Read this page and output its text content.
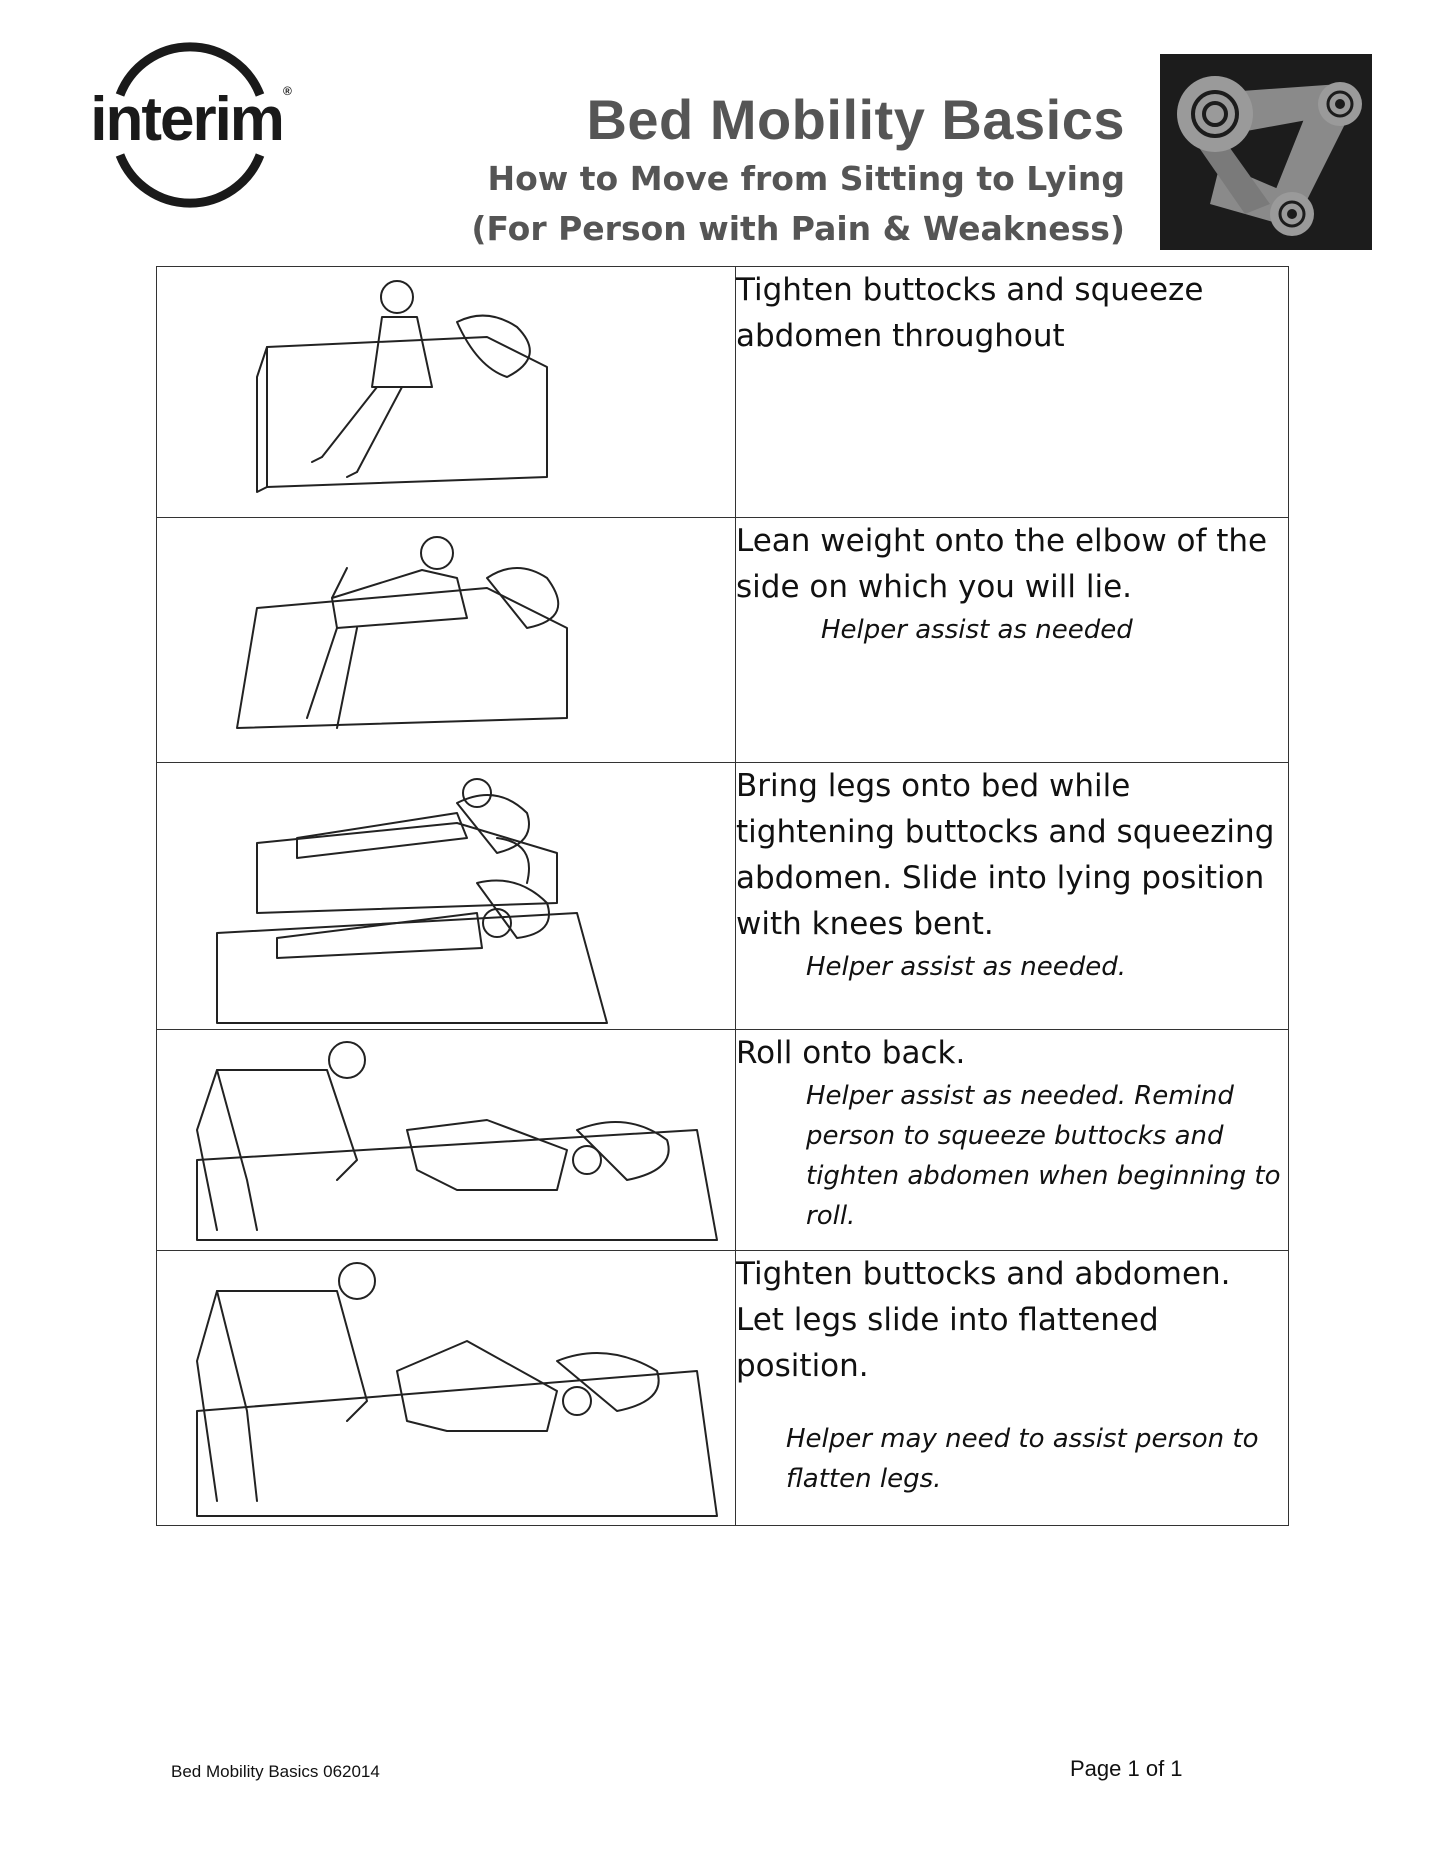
interim®	Bed Mobility Basics
How to Move from Sitting to Lying
(For Person with Pain & Weakness)

Tighten buttocks and squeeze abdomen throughout

Lean weight onto the elbow of the side on which you will lie.
Helper assist as needed

Bring legs onto bed while tightening buttocks and squeezing abdomen. Slide into lying position with knees bent.
Helper assist as needed.

Roll onto back.
Helper assist as needed. Remind person to squeeze buttocks and tighten abdomen when beginning to roll.

Tighten buttocks and abdomen. Let legs slide into flattened position.
Helper may need to assist person to flatten legs.
Bed Mobility Basics 062014	Page 1 of 1
